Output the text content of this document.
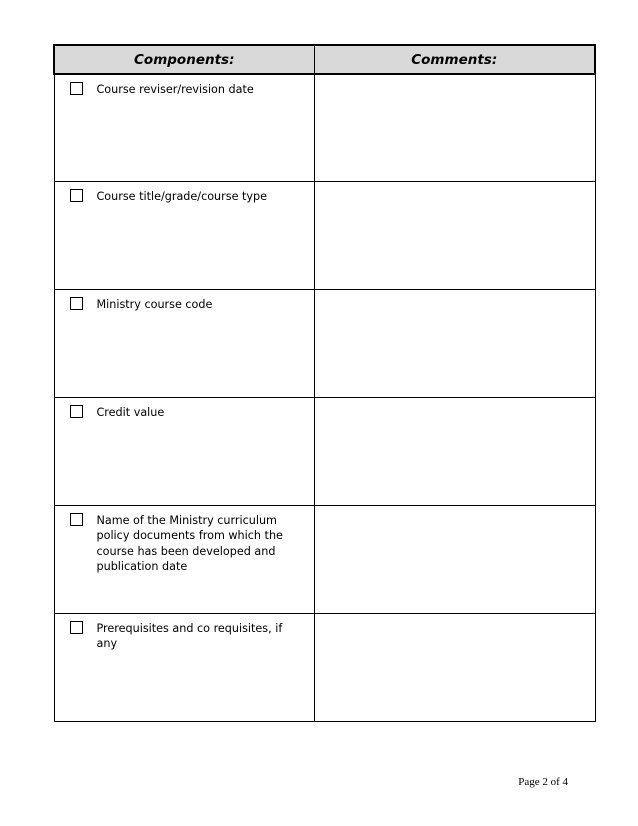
Components:	Comments:

Course reviser/revision date	

Course title/grade/course type	

Ministry course code	

Credit value	

Name of the Ministry curriculum policy documents from which the course has been developed and publication date	

Prerequisites and co requisites, if any	

Page 2 of 4
